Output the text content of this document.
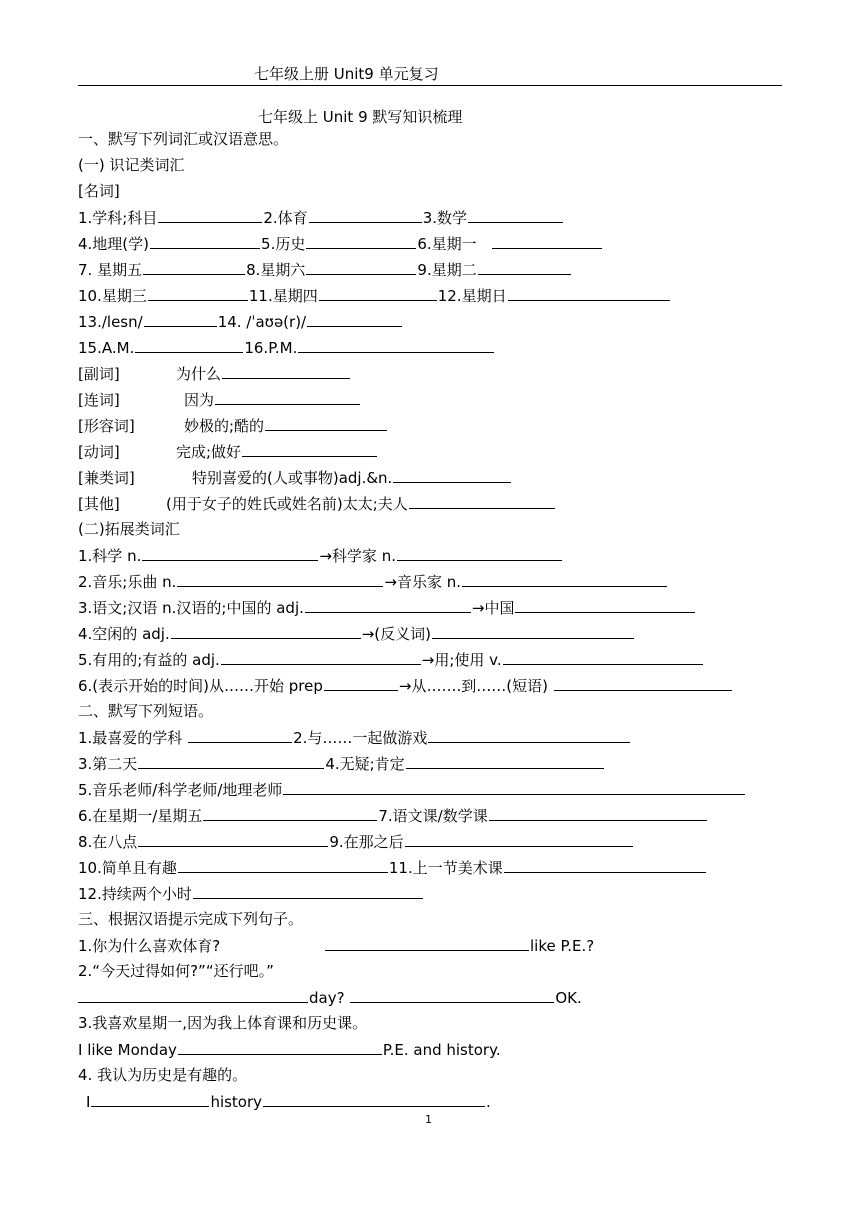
七年级上册 Unit9 单元复习
七年级上 Unit 9 默写知识梳理
一、默写下列词汇或汉语意思。
(一) 识记类词汇
[名词]
1.学科;科目	2.体育	3.数学
4.地理(学)	5.历史	6.星期一
7. 星期五	8.星期六	9.星期二
10.星期三	11.星期四	12.星期日
13./lesn/	14. /ˈaʊə(r)/
15.A.M.	16.P.M.
[副词]	为什么
[连词]	因为
[形容词]	妙极的;酷的
[动词]	完成;做好
[兼类词]	特别喜爱的(人或事物)adj.&n.
[其他]	(用于女子的姓氏或姓名前)太太;夫人
(二)拓展类词汇
1.科学 n.	→科学家 n.
2.音乐;乐曲 n.	→音乐家 n.
3.语文;汉语 n.汉语的;中国的 adj.	→中国
4.空闲的 adj.	→(反义词)
5.有用的;有益的 adj.	→用;使用 v.
6.(表示开始的时间)从……开始 prep	→从…….到……(短语)
二、默写下列短语。
1.最喜爱的学科	2.与……一起做游戏
3.第二天	4.无疑;肯定
5.音乐老师/科学老师/地理老师
6.在星期一/星期五	7.语文课/数学课
8.在八点	9.在那之后
10.简单且有趣	11.上一节美术课
12.持续两个小时
三、根据汉语提示完成下列句子。
1.你为什么喜欢体育?	like P.E.?
2.“今天过得如何?”“还行吧。”
day?	OK.
3.我喜欢星期一,因为我上体育课和历史课。
I like Monday	P.E. and history.
4. 我认为历史是有趣的。
I	history	.
1
